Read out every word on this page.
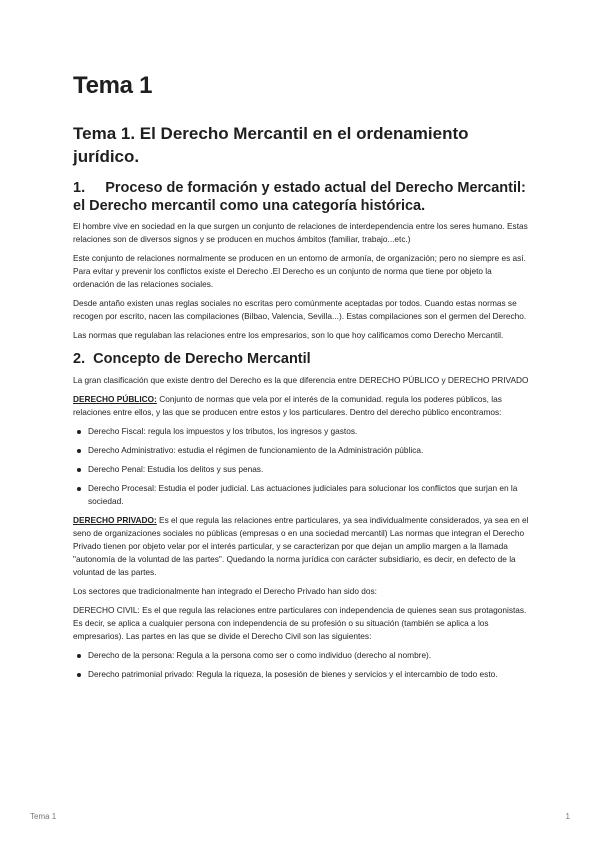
Tema 1
Tema 1. El Derecho Mercantil en el ordenamiento jurídico.
1.     Proceso de formación y estado actual del Derecho Mercantil: el Derecho mercantil como una categoría histórica.

El hombre vive en sociedad en la que surgen un conjunto de relaciones de interdependencia entre los seres humano. Estas relaciones son de diversos signos y se producen en muchos ámbitos (familiar, trabajo...etc.)

Este conjunto de relaciones normalmente se producen en un entorno de armonía, de organización; pero no siempre es así. Para evitar y prevenir los conflictos existe el Derecho .El Derecho es un conjunto de norma que tiene por objeto la ordenación de las relaciones sociales.

Desde antaño existen unas reglas sociales no escritas pero comúnmente aceptadas por todos. Cuando estas normas se recogen por escrito, nacen las compilaciones (Bilbao, Valencia, Sevilla...). Estas compilaciones son el germen del Derecho.

Las normas que regulaban las relaciones entre los empresarios, son lo que hoy calificamos como Derecho Mercantil.

2.  Concepto de Derecho Mercantil

La gran clasificación que existe dentro del Derecho es la que diferencia entre DERECHO PÚBLICO y DERECHO PRIVADO

DERECHO PÚBLICO: Conjunto de normas que vela por el interés de la comunidad. regula los poderes públicos, las relaciones entre ellos, y las que se producen entre estos y los particulares. Dentro del derecho público encontramos:

Derecho Fiscal: regula los impuestos y los tributos, los ingresos y gastos.
Derecho Administrativo: estudia el régimen de funcionamiento de la Administración pública.
Derecho Penal: Estudia los delitos y sus penas.
Derecho Procesal: Estudia el poder judicial. Las actuaciones judiciales para solucionar los conflictos que surjan en la sociedad.

DERECHO PRIVADO: Es el que regula las relaciones entre particulares, ya sea individualmente considerados, ya sea en el seno de organizaciones sociales no públicas (empresas o en una sociedad mercantil) Las normas que integran el Derecho Privado tienen por objeto velar por el interés particular, y se caracterizan por que dejan un amplio margen a la llamada "autonomía de la voluntad de las partes". Quedando la norma jurídica con carácter subsidiario, es decir, en defecto de la voluntad de las partes.

Los sectores que tradicionalmente han integrado el Derecho Privado han sido dos:

DERECHO CIVIL: Es el que regula las relaciones entre particulares con independencia de quienes sean sus protagonistas. Es decir, se aplica a cualquier persona con independencia de su profesión o su situación (también se aplica a los empresarios). Las partes en las que se divide el Derecho Civil son las siguientes:

Derecho de la persona: Regula a la persona como ser o como individuo (derecho al nombre).
Derecho patrimonial privado: Regula la riqueza, la posesión de bienes y servicios y el intercambio de todo esto.
Tema 1	1
